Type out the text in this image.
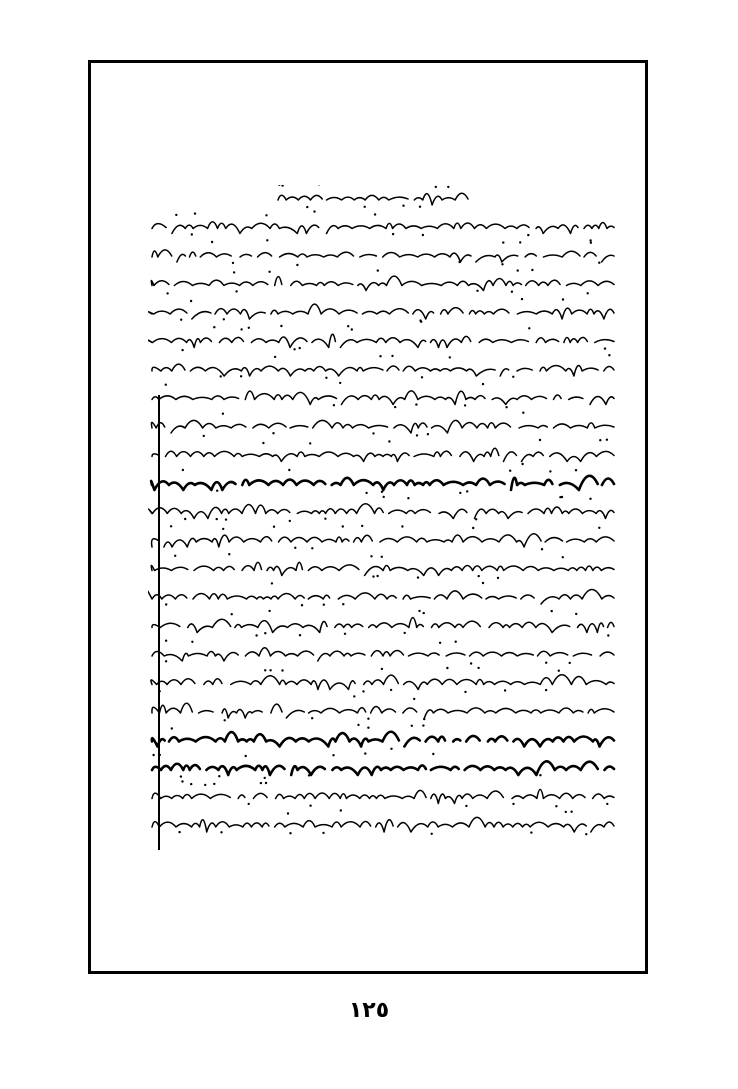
١٢٥
